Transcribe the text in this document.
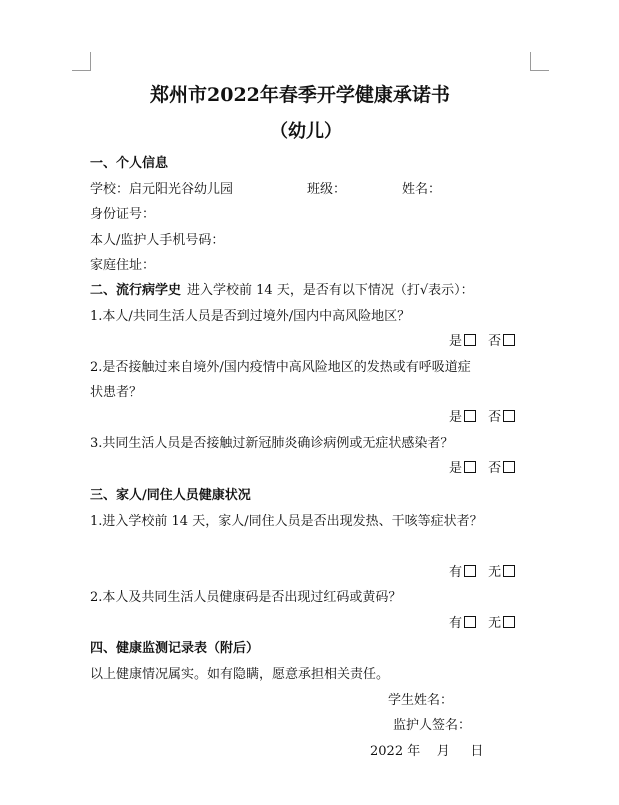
郑州市2022年春季开学健康承诺书
（幼儿）
一、个人信息
学校：启元阳光谷幼儿园	班级：	姓名：
身份证号：
本人/监护人手机号码：
家庭住址：
二、流行病学史 进入学校前 14 天，是否有以下情况（打√表示）：
1.本人/共同生活人员是否到过境外/国内中高风险地区？
是 否
2.是否接触过来自境外/国内疫情中高风险地区的发热或有呼吸道症
状患者？
是 否
3.共同生活人员是否接触过新冠肺炎确诊病例或无症状感染者？
是 否
三、家人/同住人员健康状况
1.进入学校前 14 天，家人/同住人员是否出现发热、干咳等症状者？
有 无
2.本人及共同生活人员健康码是否出现过红码或黄码？
有 无
四、健康监测记录表（附后）
以上健康情况属实。如有隐瞒，愿意承担相关责任。
学生姓名：
监护人签名：
2022 年    月     日
